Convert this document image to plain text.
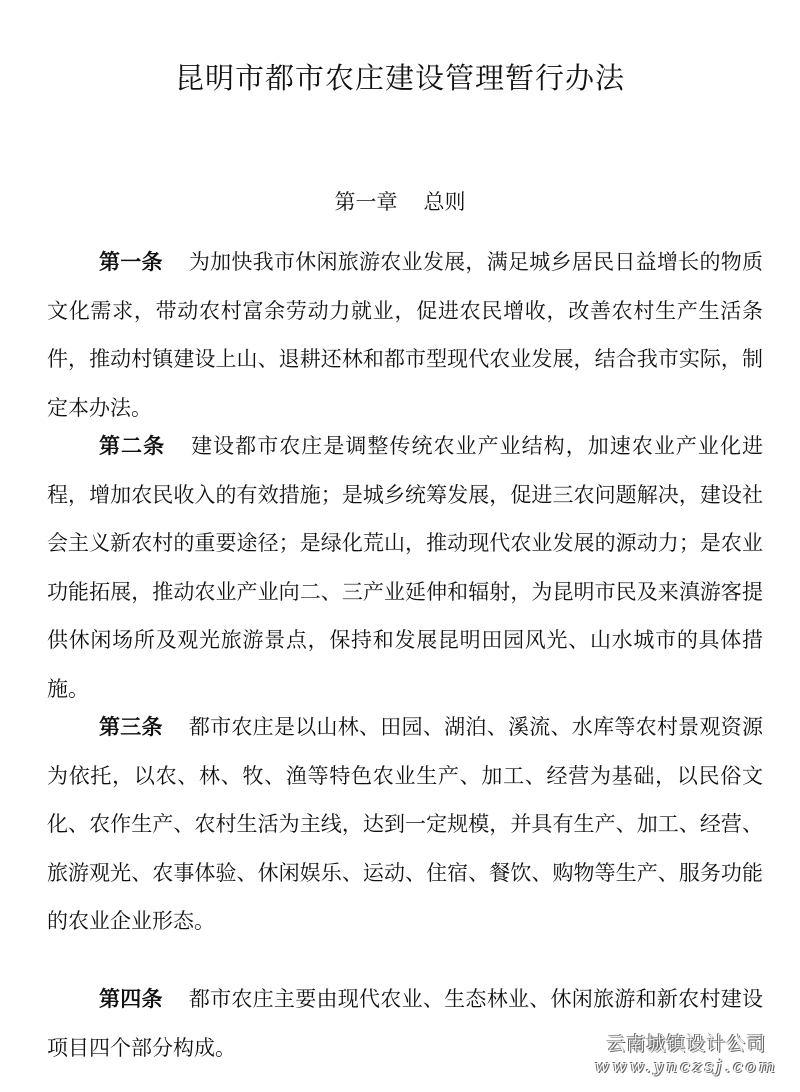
昆明市都市农庄建设管理暂行办法
第一章 总则

第一条 为加快我市休闲旅游农业发展，满足城乡居民日益增长的物质文化需求，带动农村富余劳动力就业，促进农民增收，改善农村生产生活条件，推动村镇建设上山、退耕还林和都市型现代农业发展，结合我市实际，制定本办法。

第二条 建设都市农庄是调整传统农业产业结构，加速农业产业化进程，增加农民收入的有效措施；是城乡统筹发展，促进三农问题解决，建设社会主义新农村的重要途径；是绿化荒山，推动现代农业发展的源动力；是农业功能拓展，推动农业产业向二、三产业延伸和辐射，为昆明市民及来滇游客提供休闲场所及观光旅游景点，保持和发展昆明田园风光、山水城市的具体措施。

第三条 都市农庄是以山林、田园、湖泊、溪流、水库等农村景观资源为依托，以农、林、牧、渔等特色农业生产、加工、经营为基础，以民俗文化、农作生产、农村生活为主线，达到一定规模，并具有生产、加工、经营、旅游观光、农事体验、休闲娱乐、运动、住宿、餐饮、购物等生产、服务功能的农业企业形态。

第四条 都市农庄主要由现代农业、生态林业、休闲旅游和新农村建设项目四个部分构成。	云南城镇设计公司
www.ynczsj.com
